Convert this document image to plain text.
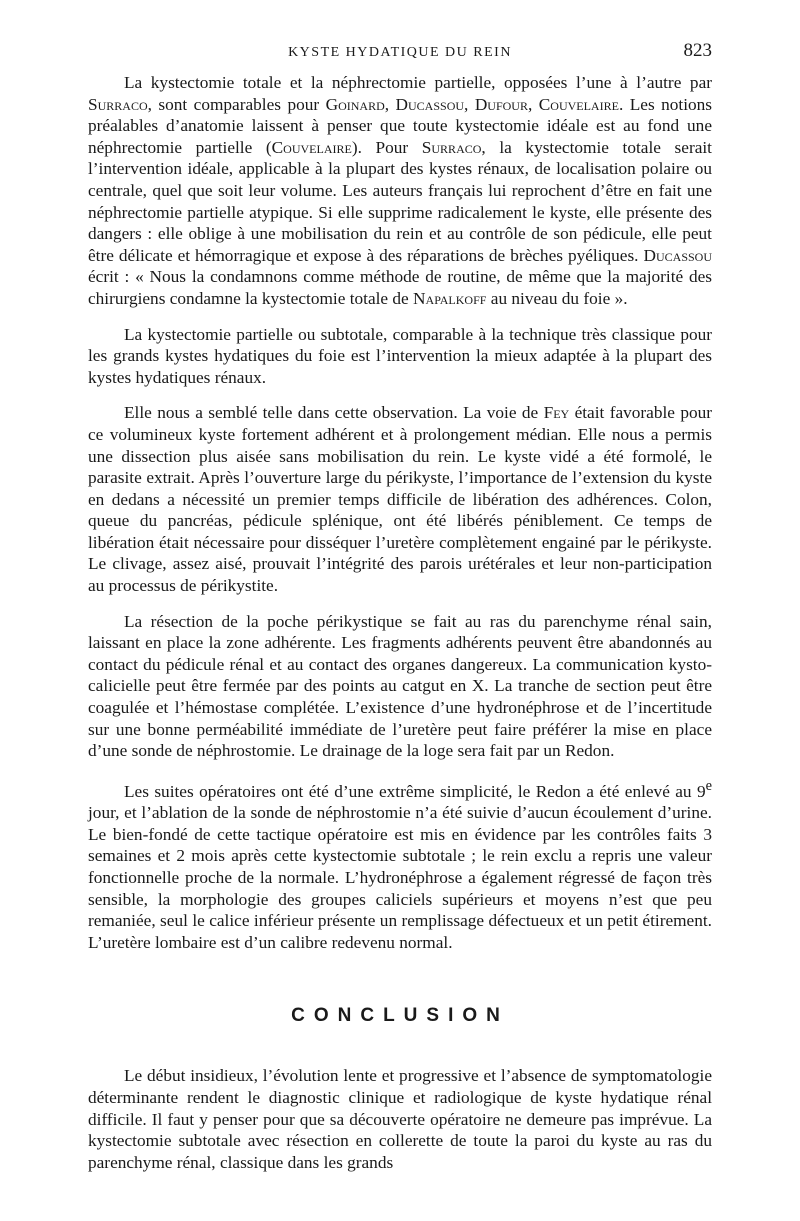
KYSTE HYDATIQUE DU REIN	823

La kystectomie totale et la néphrectomie partielle, opposées l’une à l’autre par Surraco, sont comparables pour Goinard, Ducassou, Dufour, Couvelaire. Les notions préalables d’anatomie laissent à penser que toute kystectomie idéale est au fond une néphrectomie partielle (Couvelaire). Pour Surraco, la kystectomie totale serait l’intervention idéale, applicable à la plupart des kystes rénaux, de localisation polaire ou centrale, quel que soit leur volume. Les auteurs français lui reprochent d’être en fait une néphrectomie partielle atypique. Si elle supprime radicalement le kyste, elle présente des dangers : elle oblige à une mobilisation du rein et au contrôle de son pédicule, elle peut être délicate et hémorragique et expose à des réparations de brèches pyéliques. Ducassou écrit : « Nous la condamnons comme méthode de routine, de même que la majorité des chirurgiens condamne la kystectomie totale de Napalkoff au niveau du foie ».

La kystectomie partielle ou subtotale, comparable à la technique très classique pour les grands kystes hydatiques du foie est l’intervention la mieux adaptée à la plupart des kystes hydatiques rénaux.

Elle nous a semblé telle dans cette observation. La voie de Fey était favorable pour ce volumineux kyste fortement adhérent et à prolongement médian. Elle nous a permis une dissection plus aisée sans mobilisation du rein. Le kyste vidé a été formolé, le parasite extrait. Après l’ouverture large du périkyste, l’importance de l’extension du kyste en dedans a nécessité un premier temps difficile de libération des adhérences. Colon, queue du pancréas, pédicule splénique, ont été libérés péniblement. Ce temps de libération était nécessaire pour disséquer l’uretère complètement engainé par le périkyste. Le clivage, assez aisé, prouvait l’intégrité des parois urétérales et leur non-participation au processus de périkystite.

La résection de la poche périkystique se fait au ras du parenchyme rénal sain, laissant en place la zone adhérente. Les fragments adhérents peuvent être abandonnés au contact du pédicule rénal et au contact des organes dangereux. La communication kysto-calicielle peut être fermée par des points au catgut en X. La tranche de section peut être coagulée et l’hémostase complétée. L’existence d’une hydronéphrose et de l’incertitude sur une bonne perméabilité immédiate de l’uretère peut faire préférer la mise en place d’une sonde de néphrostomie. Le drainage de la loge sera fait par un Redon.

Les suites opératoires ont été d’une extrême simplicité, le Redon a été enlevé au 9e jour, et l’ablation de la sonde de néphrostomie n’a été suivie d’aucun écoulement d’urine. Le bien-fondé de cette tactique opératoire est mis en évidence par les contrôles faits 3 semaines et 2 mois après cette kystectomie subtotale ; le rein exclu a repris une valeur fonctionnelle proche de la normale. L’hydronéphrose a également régressé de façon très sensible, la morphologie des groupes caliciels supérieurs et moyens n’est que peu remaniée, seul le calice inférieur présente un remplissage défectueux et un petit étirement. L’uretère lombaire est d’un calibre redevenu normal.

CONCLUSION

Le début insidieux, l’évolution lente et progressive et l’absence de symptomatologie déterminante rendent le diagnostic clinique et radiologique de kyste hydatique rénal difficile. Il faut y penser pour que sa découverte opératoire ne demeure pas imprévue. La kystectomie subtotale avec résection en collerette de toute la paroi du kyste au ras du parenchyme rénal, classique dans les grands
